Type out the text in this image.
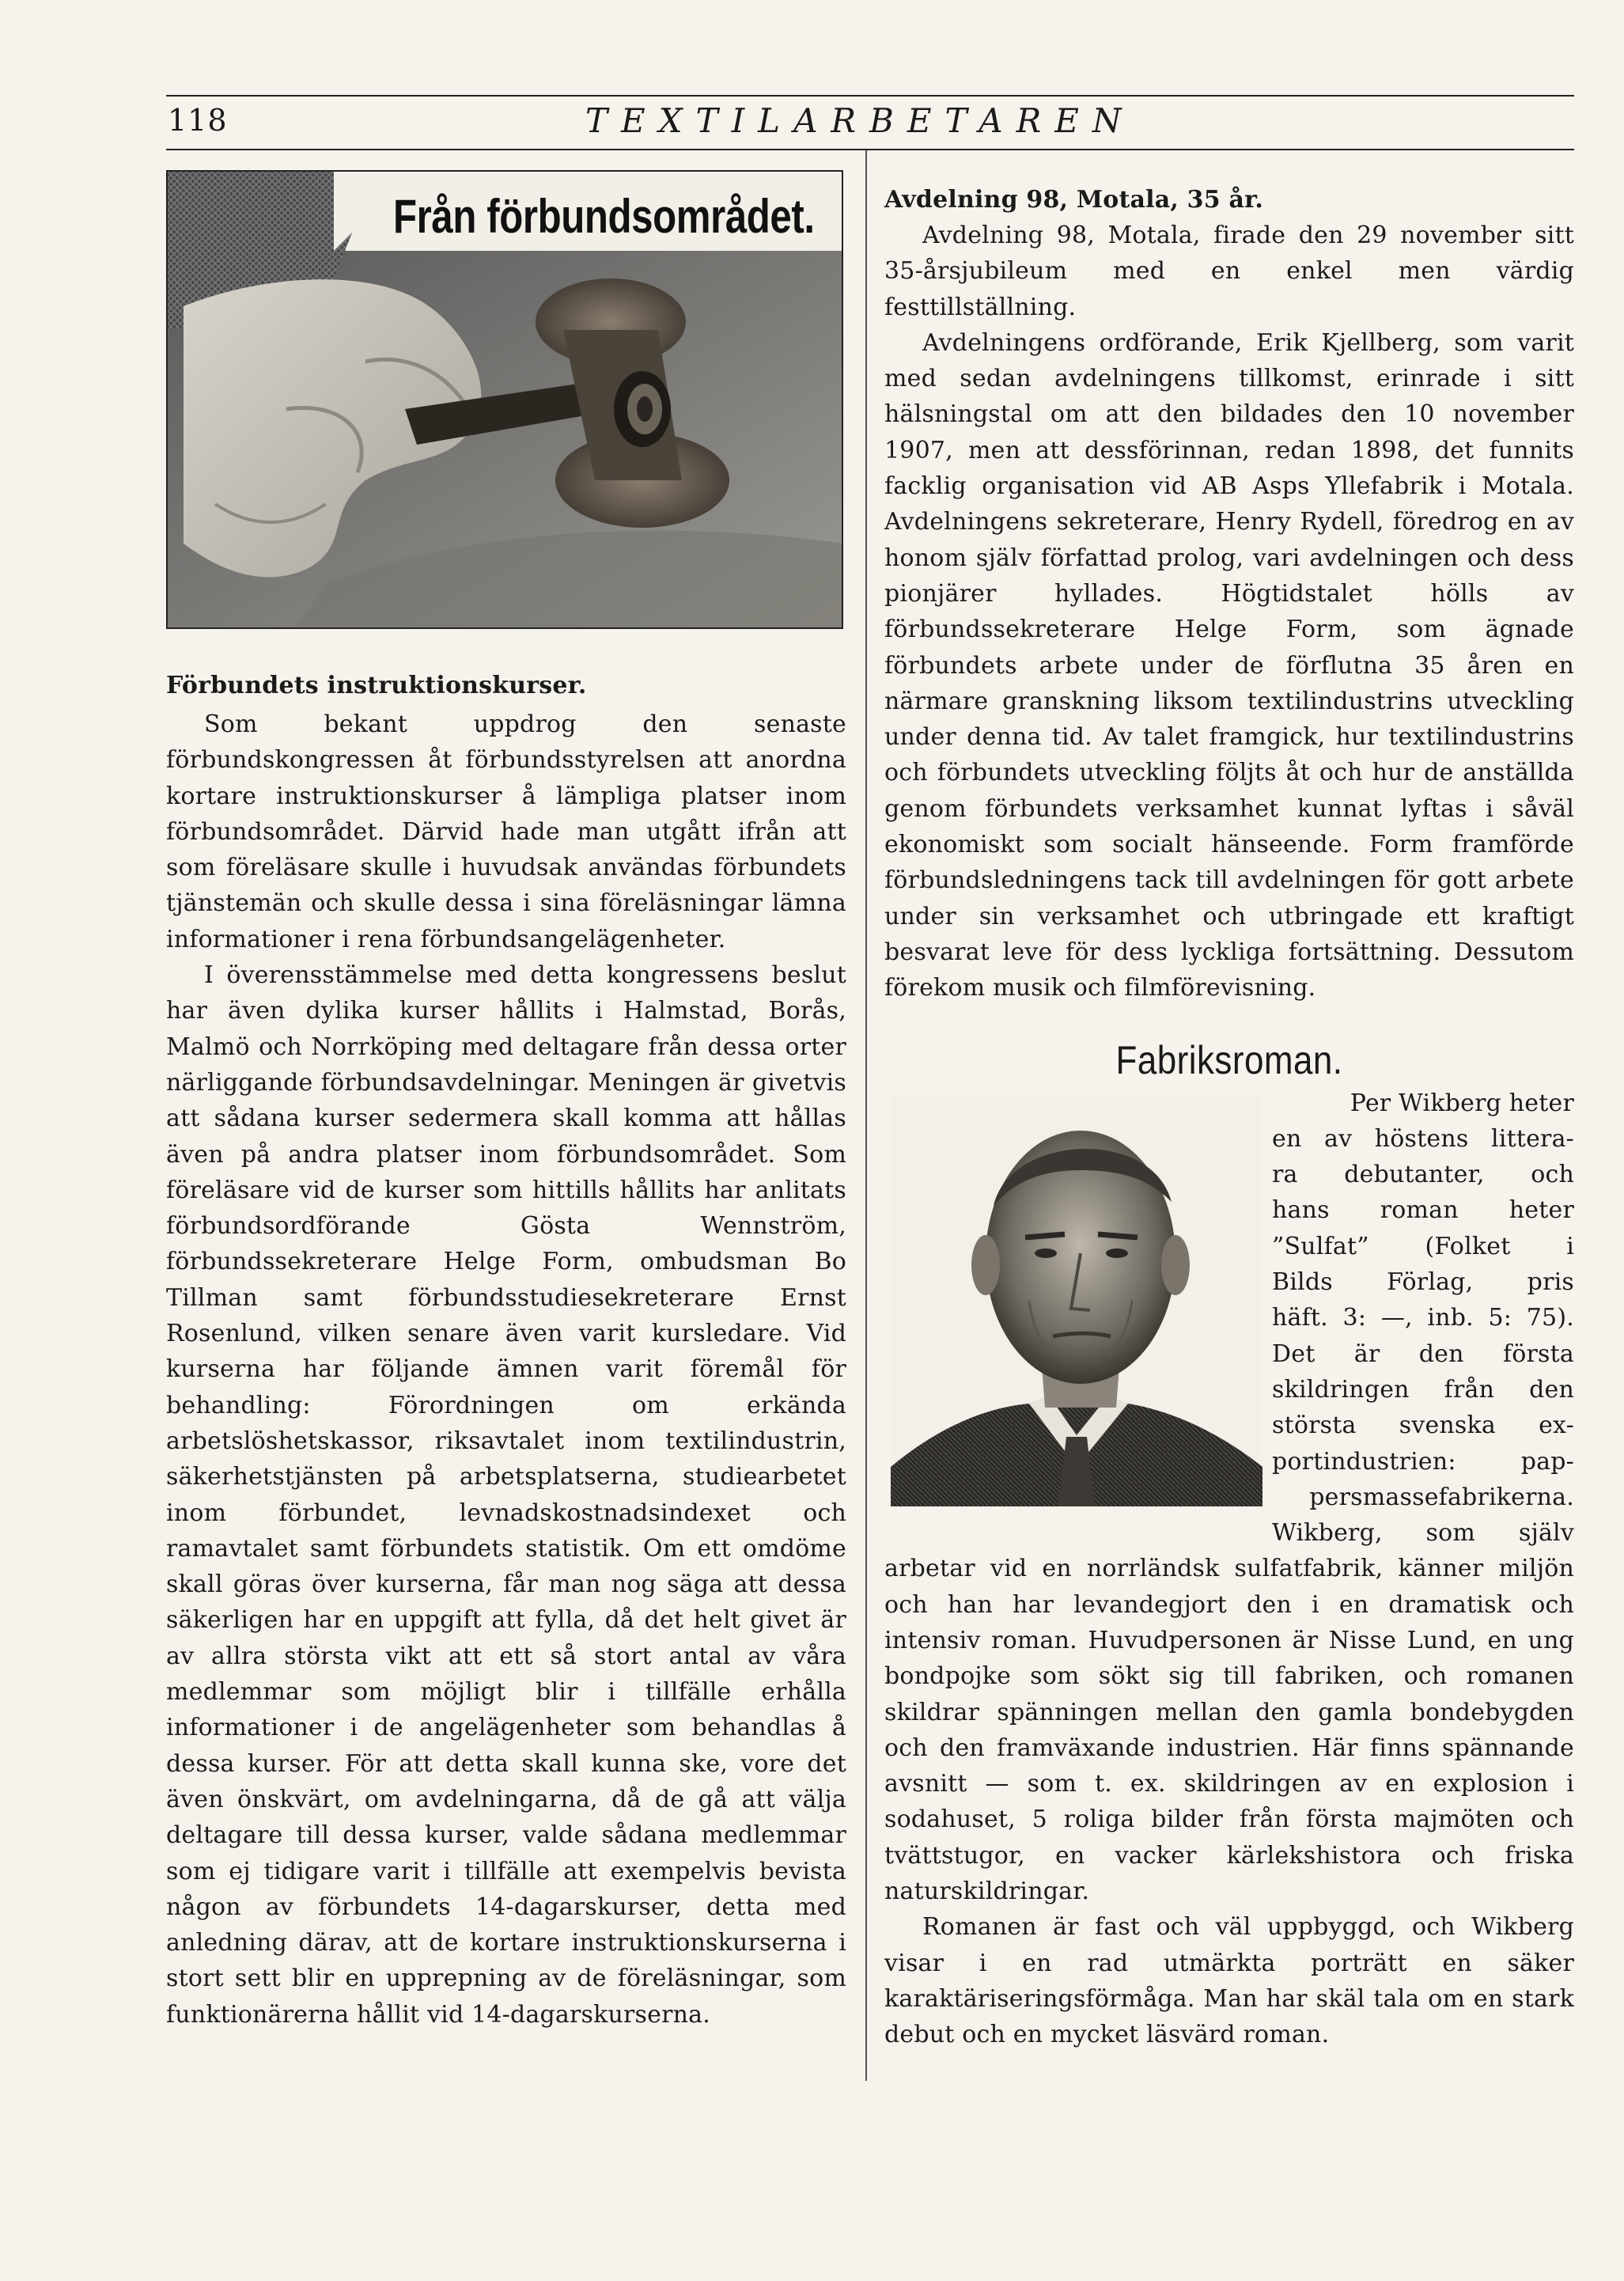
118	TEXTILARBETAREN
Från förbundsområdet.

Förbundets instruktionskurser.

Som bekant uppdrog den senaste förbundskongressen åt förbundsstyrelsen att anordna kortare instruktionskurser å lämpliga platser inom förbundsområdet. Därvid hade man utgått ifrån att som föreläsare skulle i huvudsak användas förbundets tjänstemän och skulle dessa i sina föreläsningar lämna informationer i rena förbundsangelägenheter.

I överensstämmelse med detta kongressens beslut har även dylika kurser hållits i Halmstad, Borås, Malmö och Norrköping med deltagare från dessa orter närliggande förbundsavdelningar. Meningen är givetvis att sådana kurser sedermera skall komma att hållas även på andra platser inom förbundsområdet. Som föreläsare vid de kurser som hittills hållits har anlitats förbundsordförande Gösta Wennström, förbundssekreterare Helge Form, ombudsman Bo Tillman samt förbundsstudiesekreterare Ernst Rosenlund, vilken senare även varit kursledare. Vid kurserna har följande ämnen varit föremål för behandling: Förordningen om erkända arbetslöshetskassor, riksavtalet inom textilindustrin, säkerhetstjänsten på arbetsplatserna, studiearbetet inom förbundet, levnadskostnadsindexet och ramavtalet samt förbundets statistik. Om ett omdöme skall göras över kurserna, får man nog säga att dessa säkerligen har en uppgift att fylla, då det helt givet är av allra största vikt att ett så stort antal av våra medlemmar som möjligt blir i tillfälle erhålla informationer i de angelägenheter som behandlas å dessa kurser. För att detta skall kunna ske, vore det även önskvärt, om avdelningarna, då de gå att välja deltagare till dessa kurser, valde sådana medlemmar som ej tidigare varit i tillfälle att exempelvis bevista någon av förbundets 14-dagarskurser, detta med anledning därav, att de kortare instruktionskurserna i stort sett blir en upprepning av de föreläsningar, som funktionärerna hållit vid 14-dagarskurserna.

Avdelning 98, Motala, 35 år.

Avdelning 98, Motala, firade den 29 november sitt 35-årsjubileum med en enkel men värdig festtillställning.

Avdelningens ordförande, Erik Kjellberg, som varit med sedan avdelningens tillkomst, erinrade i sitt hälsningstal om att den bildades den 10 november 1907, men att dessförinnan, redan 1898, det funnits facklig organisation vid AB Asps Yllefabrik i Motala. Avdelningens sekreterare, Henry Rydell, föredrog en av honom själv författad prolog, vari avdelningen och dess pionjärer hyllades. Högtidstalet hölls av förbundssekreterare Helge Form, som ägnade förbundets arbete under de förflutna 35 åren en närmare granskning liksom textilindustrins utveckling under denna tid. Av talet framgick, hur textilindustrins och förbundets utveckling följts åt och hur de anställda genom förbundets verksamhet kunnat lyftas i såväl ekonomiskt som socialt hänseende. Form framförde förbundsledningens tack till avdelningen för gott arbete under sin verksamhet och utbringade ett kraftigt besvarat leve för dess lyckliga fortsättning. Dessutom förekom musik och filmförevisning.

Fabriksroman.

Per Wikberg heter

en av höstens littera-

ra debutanter, och

hans roman heter

”Sulfat” (Folket i

Bilds Förlag, pris

häft. 3: —, inb. 5: 75).

Det är den första

skildringen från den

största svenska ex-

portindustrien: pap-

persmassefabrikerna.

Wikberg, som själv arbetar vid en norrländsk sulfatfabrik, känner miljön och han har levandegjort den i en dramatisk och intensiv roman. Huvudpersonen är Nisse Lund, en ung bondpojke som sökt sig till fabriken, och romanen skildrar spänningen mellan den gamla bondebygden och den framväxande industrien. Här finns spännande avsnitt — som t. ex. skildringen av en explosion i sodahuset, 5 roliga bilder från första majmöten och tvättstugor, en vacker kärlekshistora och friska naturskildringar.

Romanen är fast och väl uppbyggd, och Wikberg visar i en rad utmärkta porträtt en säker karaktäriseringsförmåga. Man har skäl tala om en stark debut och en mycket läsvärd roman.
